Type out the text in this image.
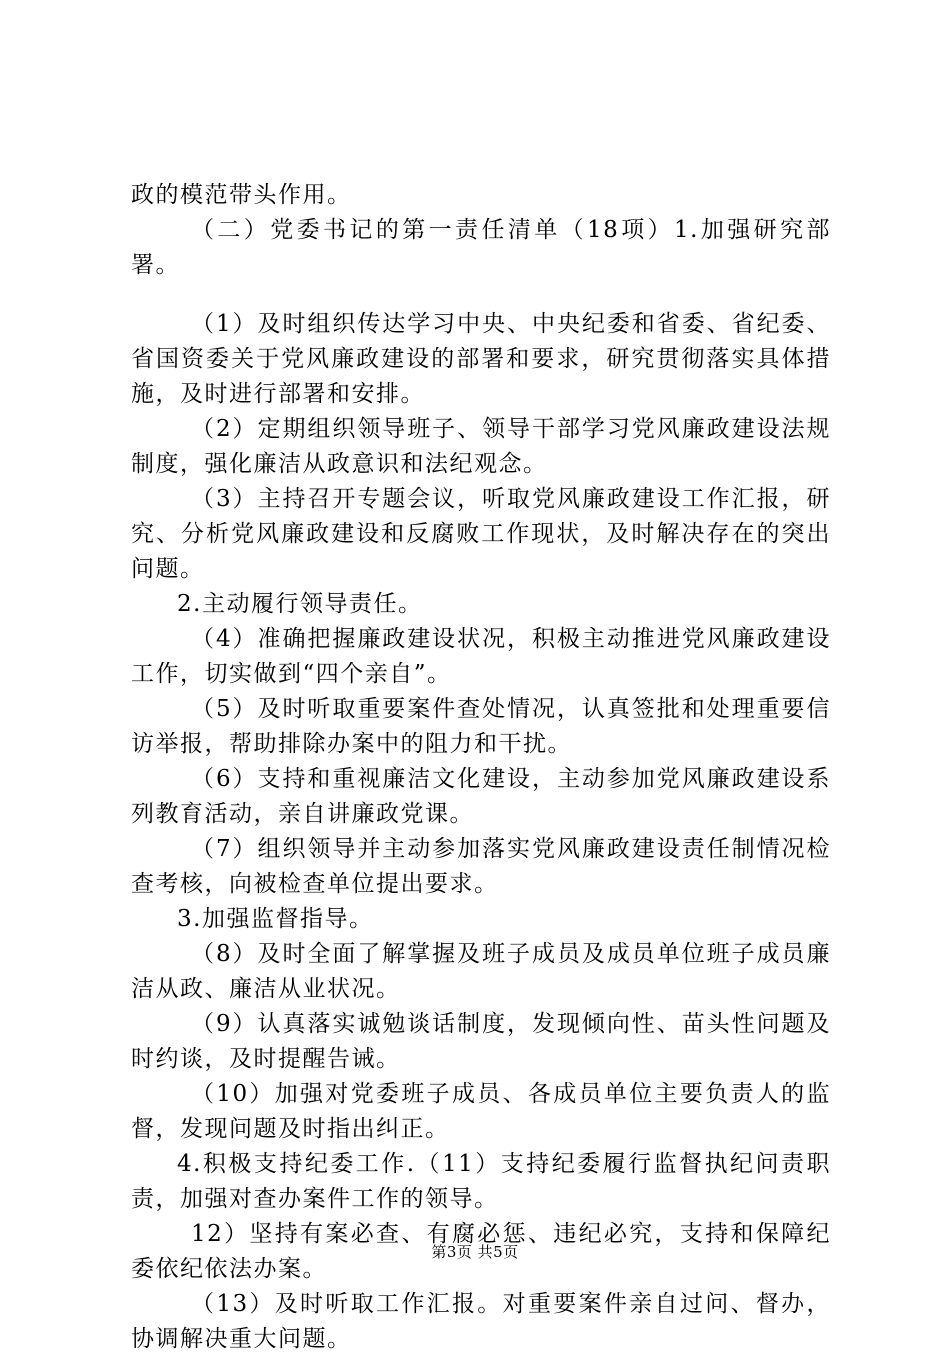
政的模范带头作用。

（二）党委书记的第一责任清单（18项）1.加强研究部署。

（1）及时组织传达学习中央、中央纪委和省委、省纪委、省国资委关于党风廉政建设的部署和要求，研究贯彻落实具体措施，及时进行部署和安排。

（2）定期组织领导班子、领导干部学习党风廉政建设法规制度，强化廉洁从政意识和法纪观念。

（3）主持召开专题会议，听取党风廉政建设工作汇报，研究、分析党风廉政建设和反腐败工作现状，及时解决存在的突出问题。

2.主动履行领导责任。

（4）准确把握廉政建设状况，积极主动推进党风廉政建设工作，切实做到“四个亲自”。

（5）及时听取重要案件查处情况，认真签批和处理重要信访举报，帮助排除办案中的阻力和干扰。

（6）支持和重视廉洁文化建设，主动参加党风廉政建设系列教育活动，亲自讲廉政党课。

（7）组织领导并主动参加落实党风廉政建设责任制情况检查考核，向被检查单位提出要求。

3.加强监督指导。

（8）及时全面了解掌握及班子成员及成员单位班子成员廉洁从政、廉洁从业状况。

（9）认真落实诚勉谈话制度，发现倾向性、苗头性问题及时约谈，及时提醒告诫。

（10）加强对党委班子成员、各成员单位主要负责人的监督，发现问题及时指出纠正。

4.积极支持纪委工作.（11）支持纪委履行监督执纪问责职责，加强对查办案件工作的领导。

12）坚持有案必查、有腐必惩、违纪必究，支持和保障纪委依纪依法办案。

（13）及时听取工作汇报。对重要案件亲自过问、督办，协调解决重大问题。

第3页 共5页
